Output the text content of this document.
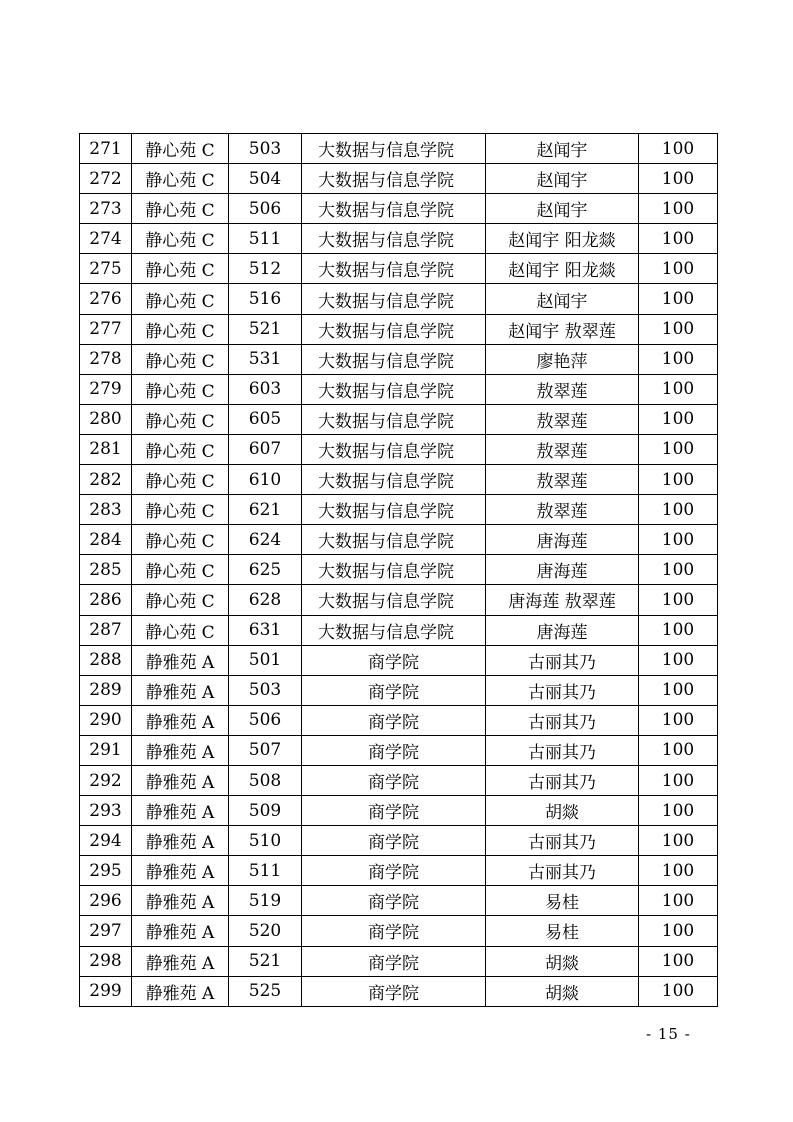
271	静心苑 C	503	大数据与信息学院	赵闻宇	100
272	静心苑 C	504	大数据与信息学院	赵闻宇	100
273	静心苑 C	506	大数据与信息学院	赵闻宇	100
274	静心苑 C	511	大数据与信息学院	赵闻宇 阳龙燚	100
275	静心苑 C	512	大数据与信息学院	赵闻宇 阳龙燚	100
276	静心苑 C	516	大数据与信息学院	赵闻宇	100
277	静心苑 C	521	大数据与信息学院	赵闻宇 敖翠莲	100
278	静心苑 C	531	大数据与信息学院	廖艳萍	100
279	静心苑 C	603	大数据与信息学院	敖翠莲	100
280	静心苑 C	605	大数据与信息学院	敖翠莲	100
281	静心苑 C	607	大数据与信息学院	敖翠莲	100
282	静心苑 C	610	大数据与信息学院	敖翠莲	100
283	静心苑 C	621	大数据与信息学院	敖翠莲	100
284	静心苑 C	624	大数据与信息学院	唐海莲	100
285	静心苑 C	625	大数据与信息学院	唐海莲	100
286	静心苑 C	628	大数据与信息学院	唐海莲 敖翠莲	100
287	静心苑 C	631	大数据与信息学院	唐海莲	100
288	静雅苑 A	501	商学院	古丽其乃	100
289	静雅苑 A	503	商学院	古丽其乃	100
290	静雅苑 A	506	商学院	古丽其乃	100
291	静雅苑 A	507	商学院	古丽其乃	100
292	静雅苑 A	508	商学院	古丽其乃	100
293	静雅苑 A	509	商学院	胡燚	100
294	静雅苑 A	510	商学院	古丽其乃	100
295	静雅苑 A	511	商学院	古丽其乃	100
296	静雅苑 A	519	商学院	易桂	100
297	静雅苑 A	520	商学院	易桂	100
298	静雅苑 A	521	商学院	胡燚	100
299	静雅苑 A	525	商学院	胡燚	100
- 15 -
